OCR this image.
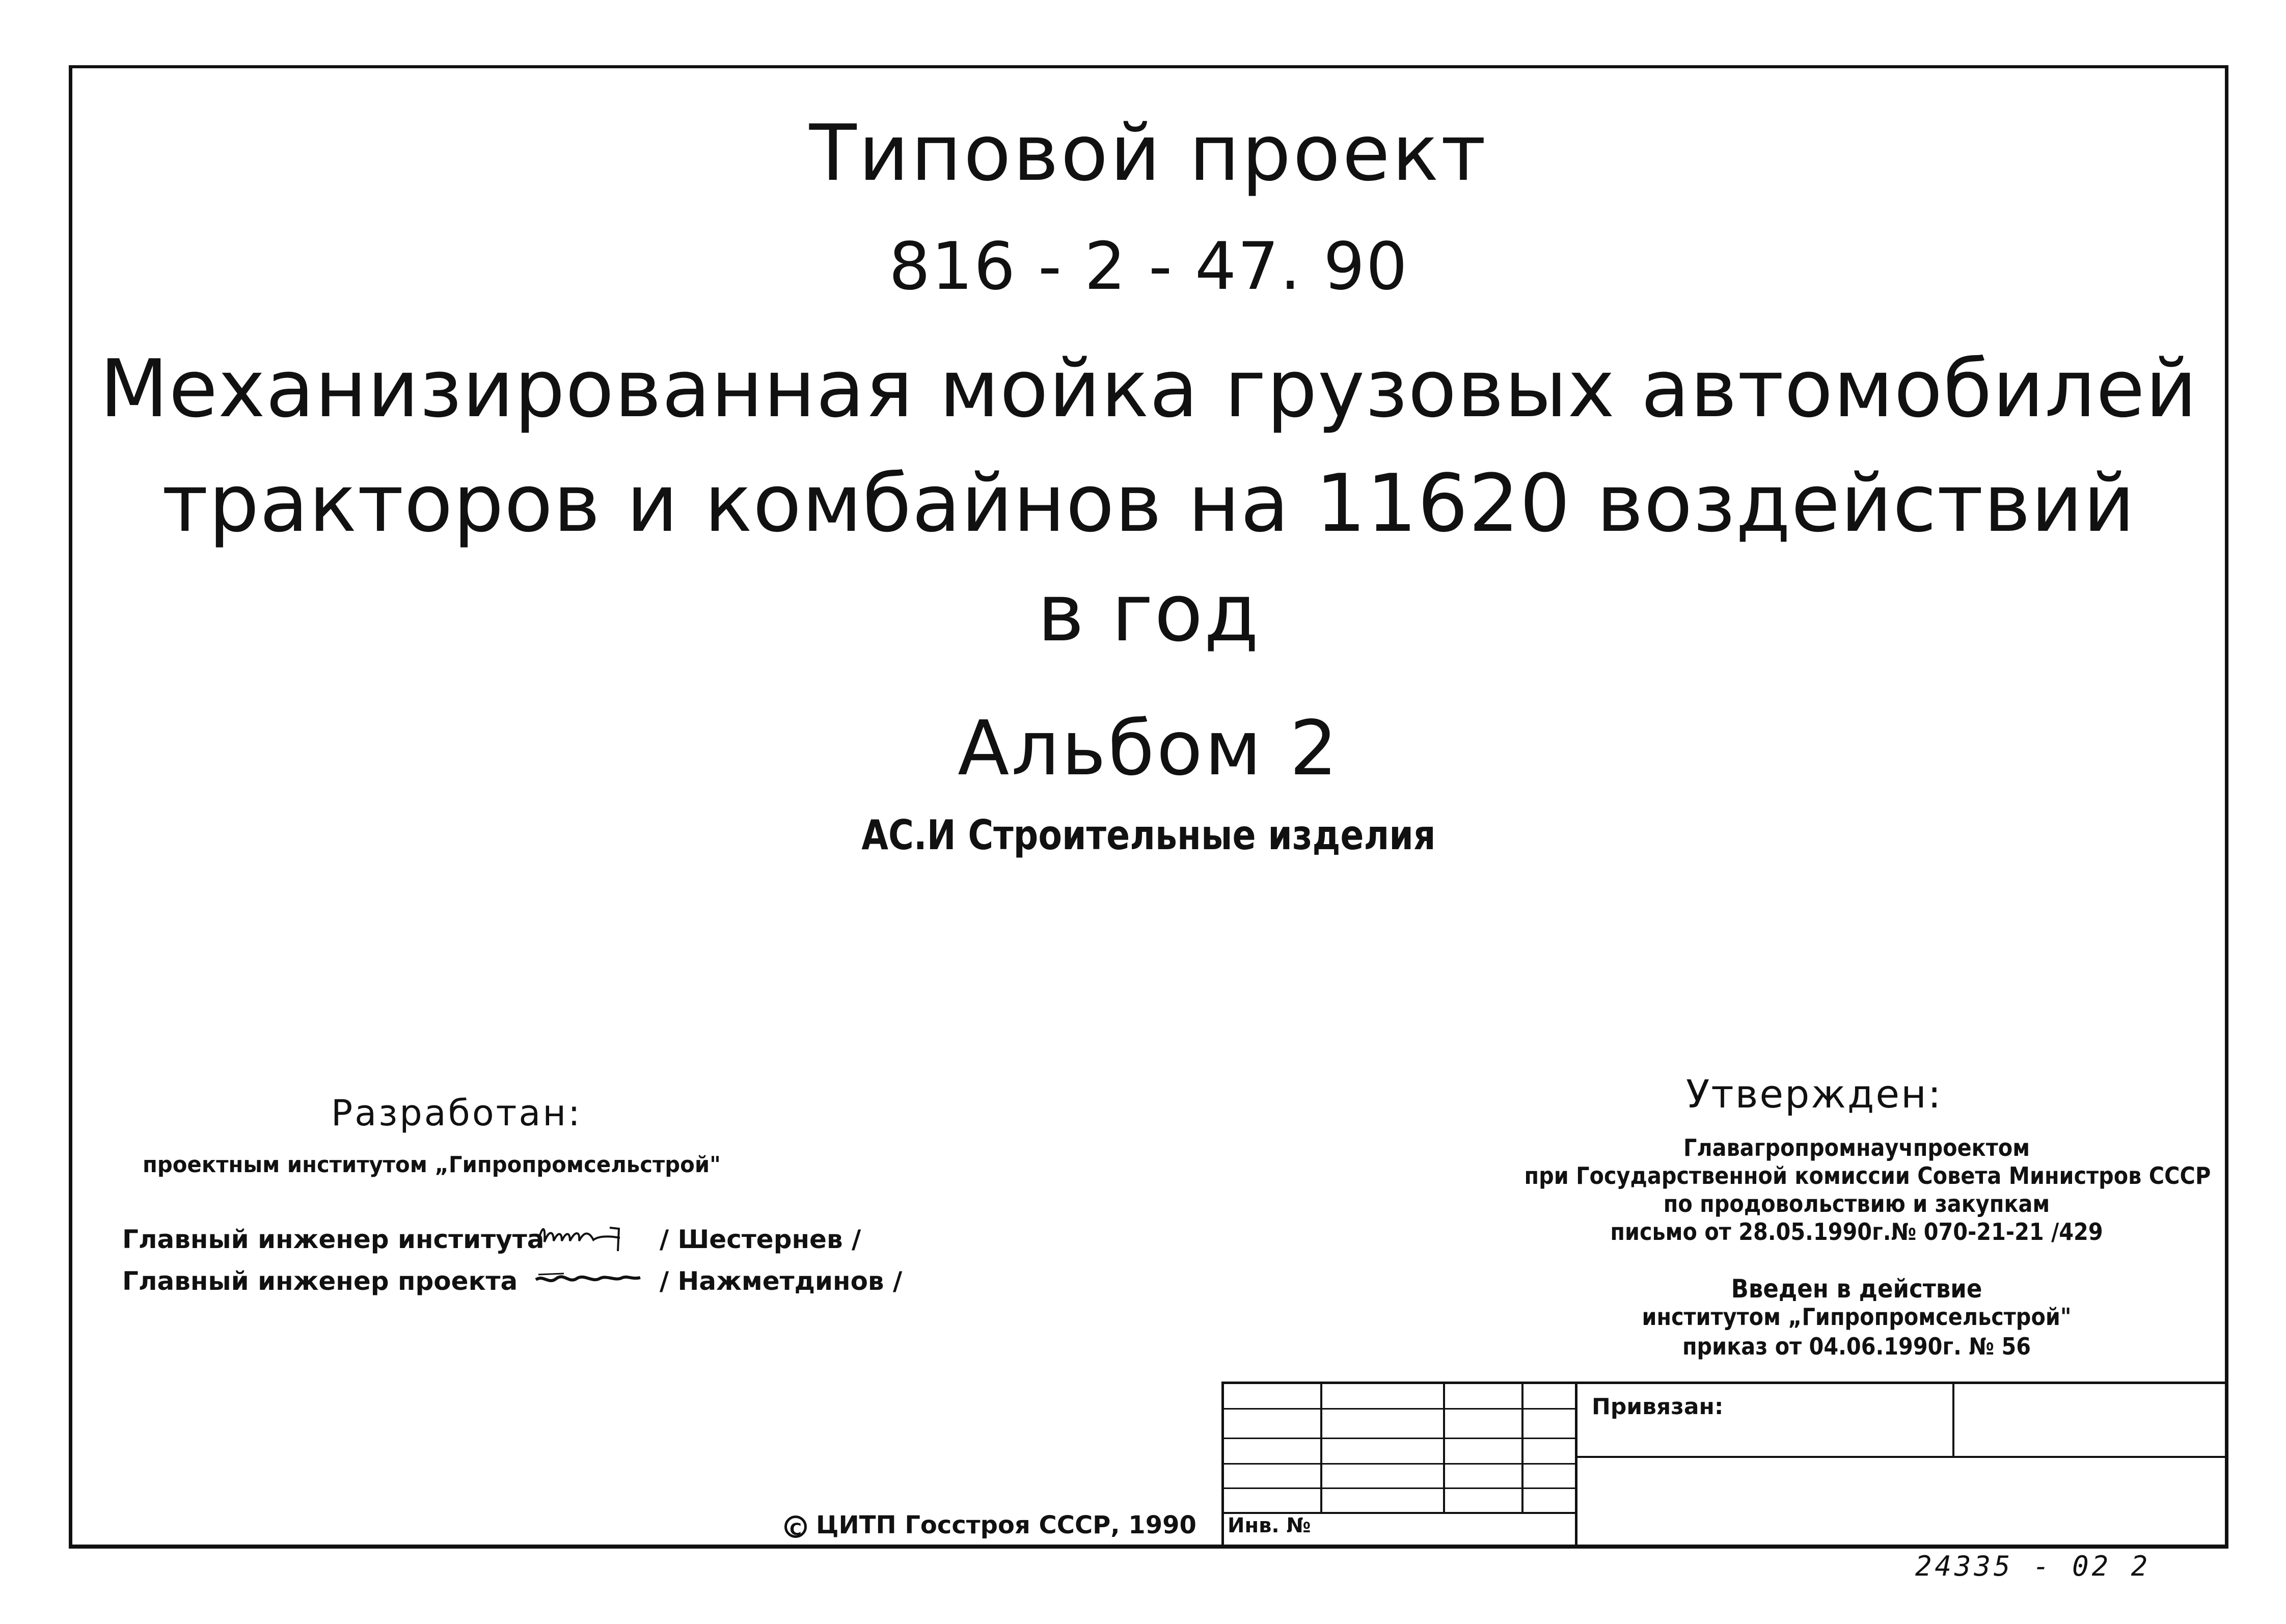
Типовой проект
816 - 2 - 47. 90
Механизированная мойка грузовых автомобилей
тракторов и комбайнов на 11620 воздействий
в год
Альбом 2
АС.И Строительные изделия
Разработан:
проектным институтом „Гипропромсельстрой"
Главный инженер института	/ Шестернев /
Главный инженер проекта	/ Нажметдинов /
Утвержден:
Главагропромнаучпроектом
при Государственной комиссии Совета Министров СССР
по продовольствию и закупкам
письмо от 28.05.1990г.№ 070-21-21 /429
Введен в действие
институтом „Гипропромсельстрой"
приказ от 04.06.1990г. № 56
Привязан:
Инв. №
C ЦИТП Госстроя СССР, 1990
24335 - 02 2
